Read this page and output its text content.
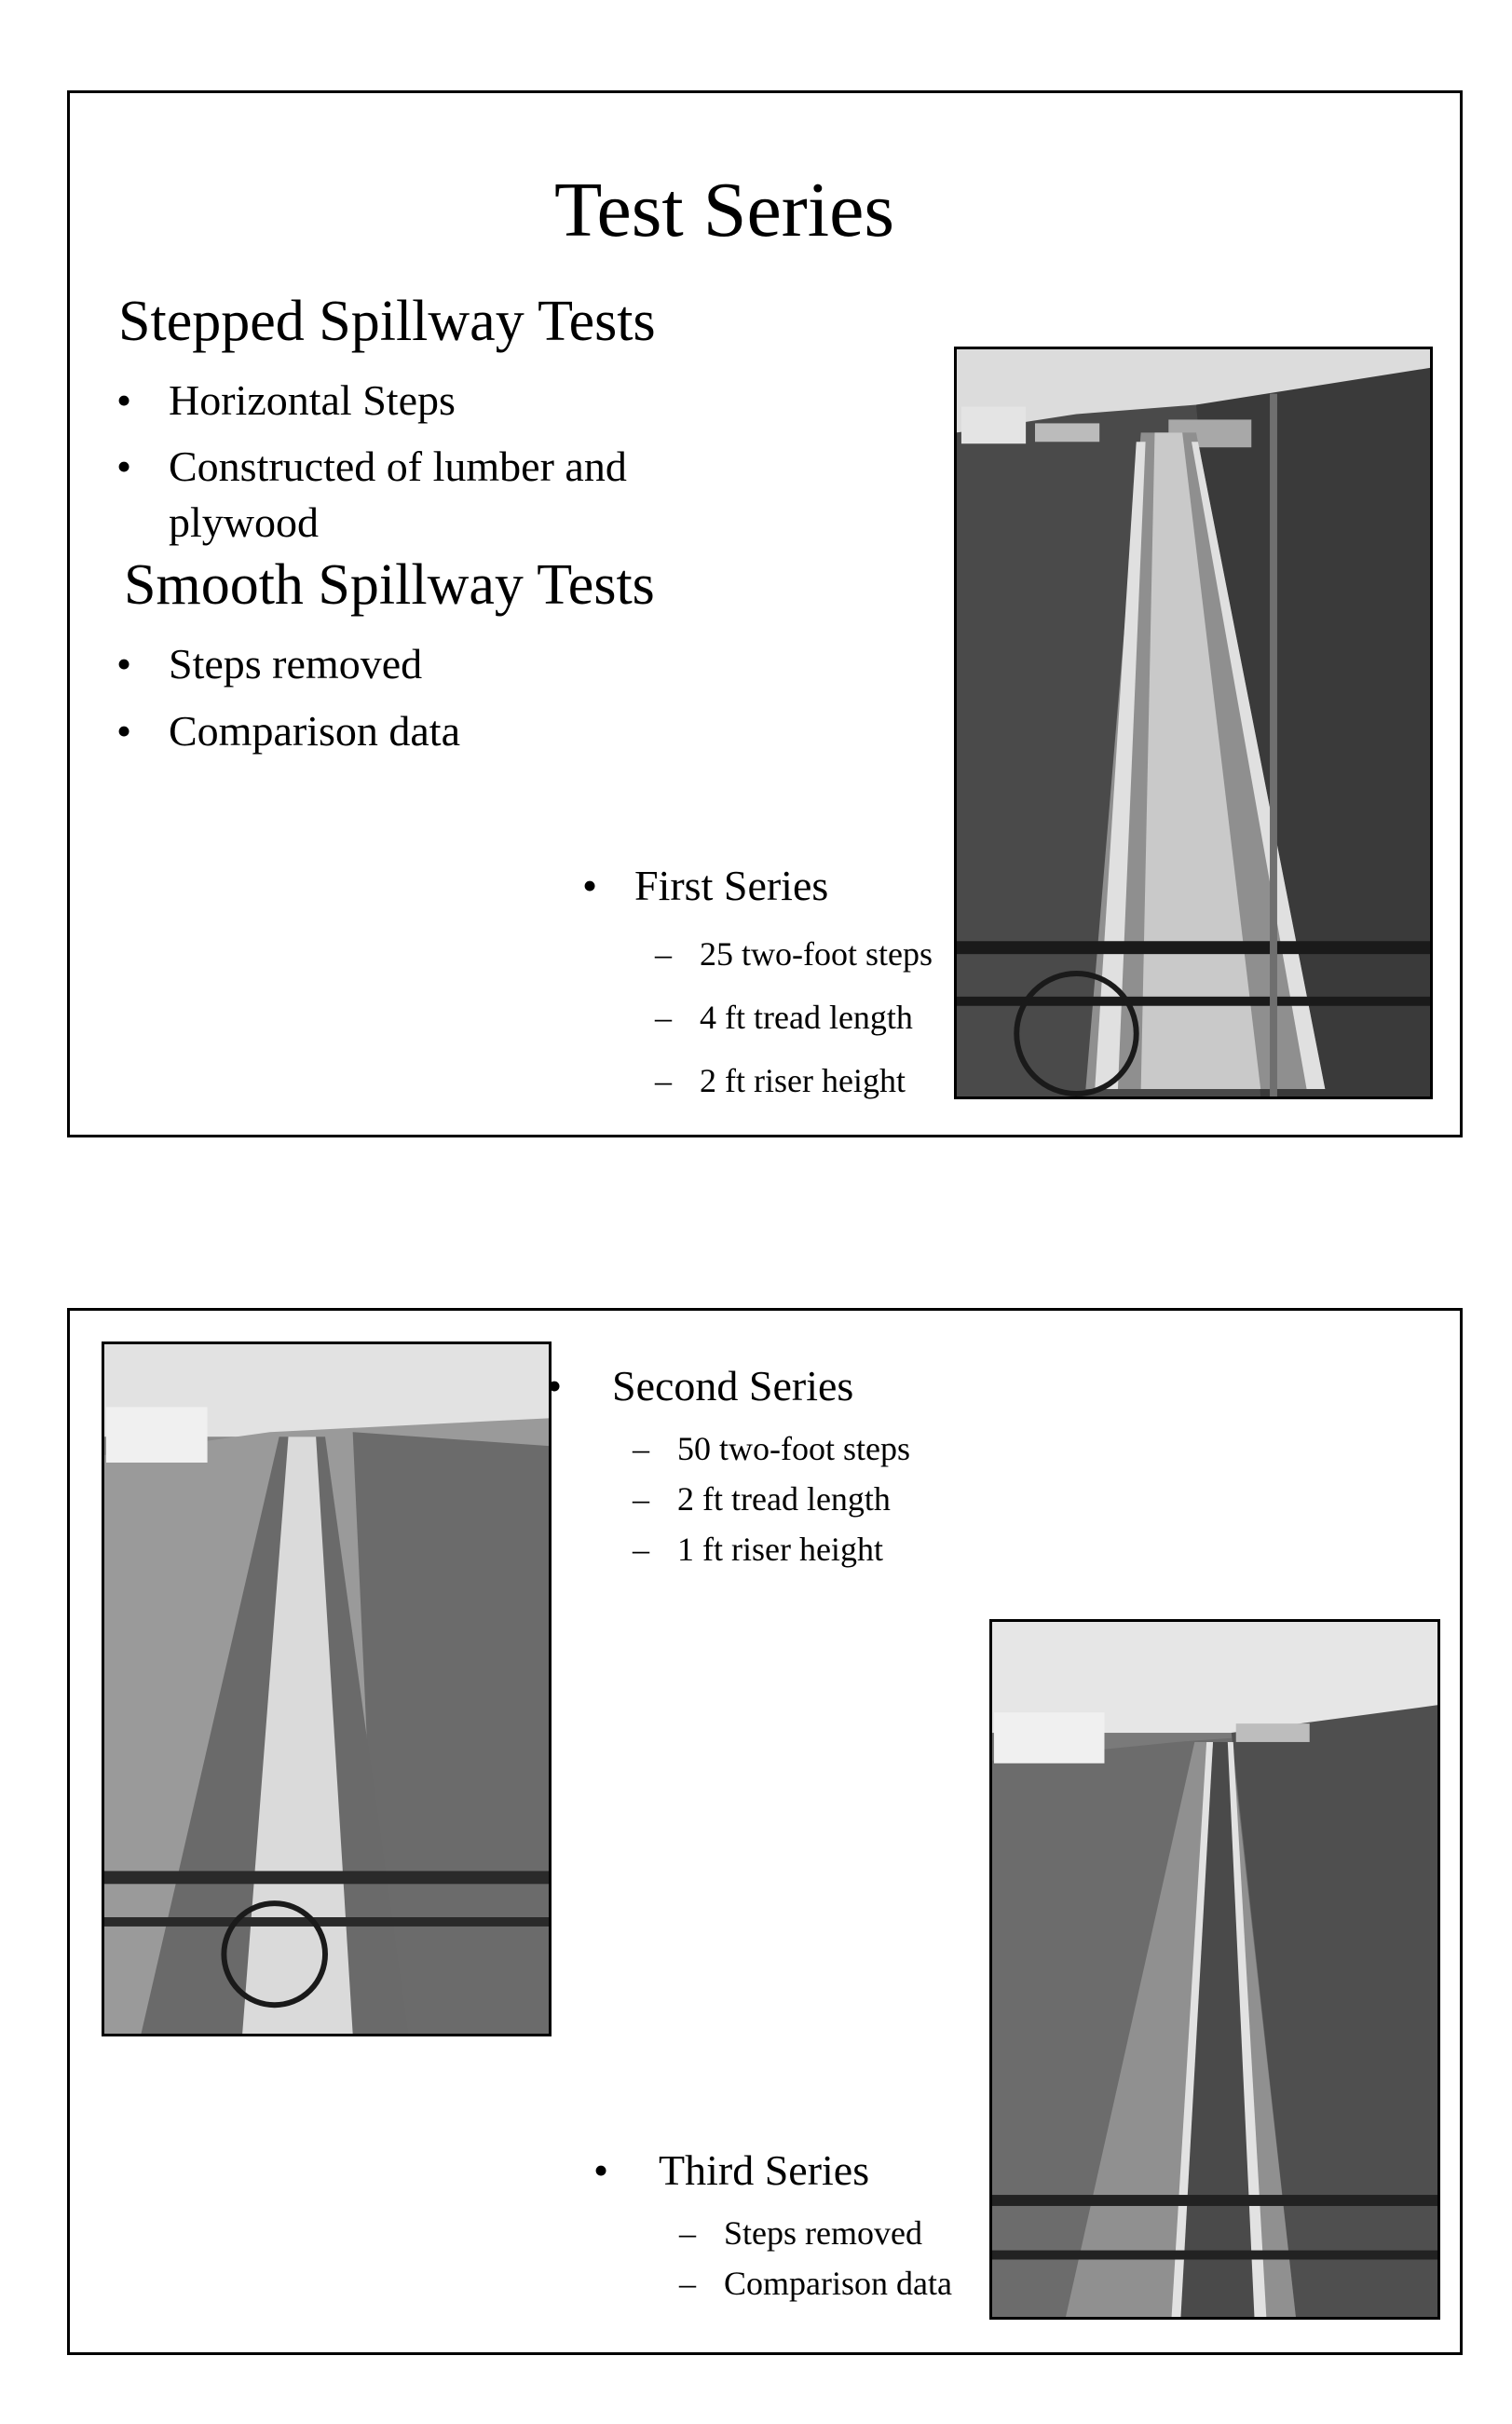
Test Series
Stepped Spillway Tests
• Horizontal Steps
• Constructed of lumber and
plywood
Smooth Spillway Tests
• Steps removed
• Comparison data
• First Series
– 25 two-foot steps
– 4 ft tread length
– 2 ft riser height
• Second Series
– 50 two-foot steps
– 2 ft tread length
– 1 ft riser height
• Third Series
– Steps removed
– Comparison data
